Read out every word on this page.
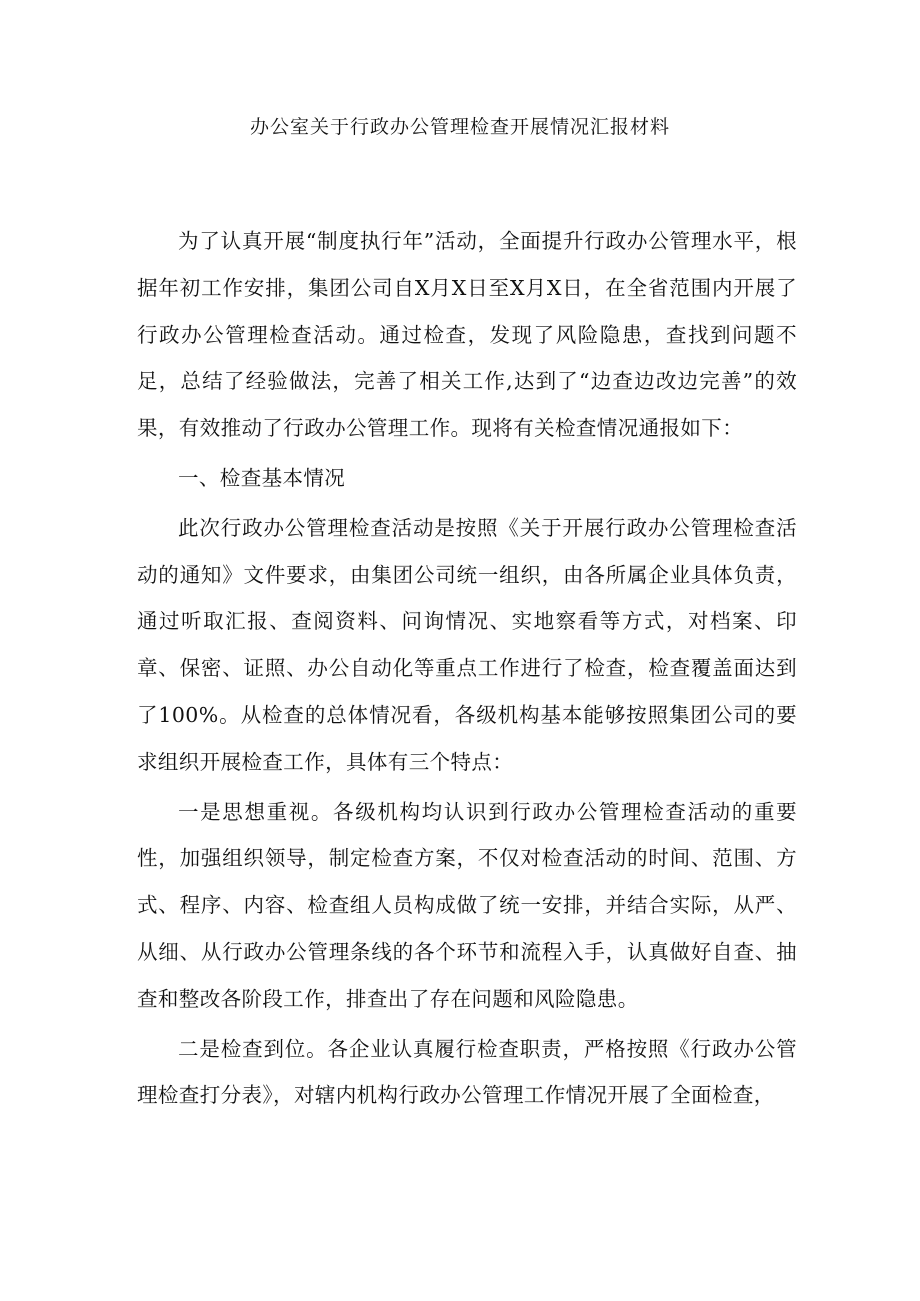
办公室关于行政办公管理检查开展情况汇报材料

为了认真开展“制度执行年”活动，全面提升行政办公管理水平，根据年初工作安排，集团公司自X月X日至X月X日，在全省范围内开展了行政办公管理检查活动。通过检查，发现了风险隐患，查找到问题不足，总结了经验做法，完善了相关工作,达到了“边查边改边完善”的效果，有效推动了行政办公管理工作。现将有关检查情况通报如下：

一、检查基本情况

此次行政办公管理检查活动是按照《关于开展行政办公管理检查活动的通知》文件要求，由集团公司统一组织，由各所属企业具体负责，通过听取汇报、查阅资料、问询情况、实地察看等方式，对档案、印章、保密、证照、办公自动化等重点工作进行了检查，检查覆盖面达到了100%。从检查的总体情况看，各级机构基本能够按照集团公司的要求组织开展检查工作，具体有三个特点：

一是思想重视。各级机构均认识到行政办公管理检查活动的重要性，加强组织领导，制定检查方案，不仅对检查活动的时间、范围、方式、程序、内容、检查组人员构成做了统一安排，并结合实际，从严、从细、从行政办公管理条线的各个环节和流程入手，认真做好自查、抽查和整改各阶段工作，排查出了存在问题和风险隐患。

二是检查到位。各企业认真履行检查职责，严格按照《行政办公管理检查打分表》，对辖内机构行政办公管理工作情况开展了全面检查，
